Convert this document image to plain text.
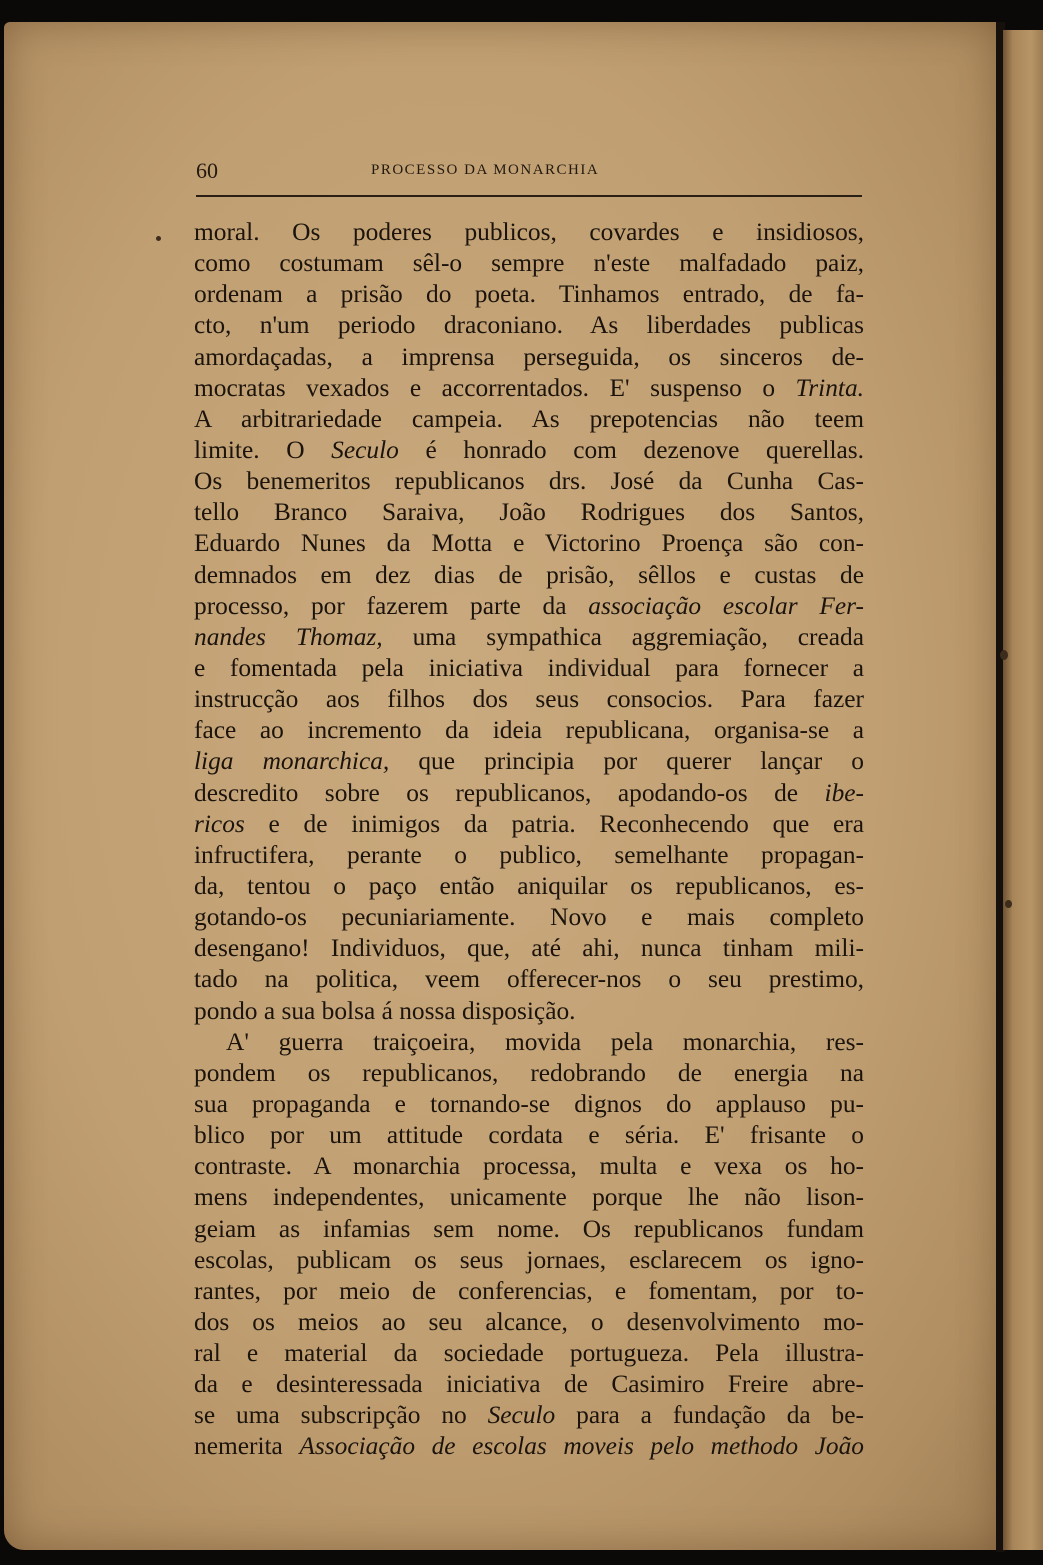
60	PROCESSO DA MONARCHIA
moral. Os poderes publicos, covardes e insidiosos,
como costumam sêl-o sempre n'este malfadado paiz,
ordenam a prisão do poeta. Tinhamos entrado, de fa-
cto, n'um periodo draconiano. As liberdades publicas
amordaçadas, a imprensa perseguida, os sinceros de-
mocratas vexados e accorrentados. E' suspenso o Trinta.
A arbitrariedade campeia. As prepotencias não teem
limite. O Seculo é honrado com dezenove querellas.
Os benemeritos republicanos drs. José da Cunha Cas-
tello Branco Saraiva, João Rodrigues dos Santos,
Eduardo Nunes da Motta e Victorino Proença são con-
demnados em dez dias de prisão, sêllos e custas de
processo, por fazerem parte da associação escolar Fer-
nandes Thomaz, uma sympathica aggremiação, creada
e fomentada pela iniciativa individual para fornecer a
instrucção aos filhos dos seus consocios. Para fazer
face ao incremento da ideia republicana, organisa-se a
liga monarchica, que principia por querer lançar o
descredito sobre os republicanos, apodando-os de ibe-
ricos e de inimigos da patria. Reconhecendo que era
infructifera, perante o publico, semelhante propagan-
da, tentou o paço então aniquilar os republicanos, es-
gotando-os pecuniariamente. Novo e mais completo
desengano! Individuos, que, até ahi, nunca tinham mili-
tado na politica, veem offerecer-nos o seu prestimo,
pondo a sua bolsa á nossa disposição.
A' guerra traiçoeira, movida pela monarchia, res-
pondem os republicanos, redobrando de energia na
sua propaganda e tornando-se dignos do applauso pu-
blico por um attitude cordata e séria. E' frisante o
contraste. A monarchia processa, multa e vexa os ho-
mens independentes, unicamente porque lhe não lison-
geiam as infamias sem nome. Os republicanos fundam
escolas, publicam os seus jornaes, esclarecem os igno-
rantes, por meio de conferencias, e fomentam, por to-
dos os meios ao seu alcance, o desenvolvimento mo-
ral e material da sociedade portugueza. Pela illustra-
da e desinteressada iniciativa de Casimiro Freire abre-
se uma subscripção no Seculo para a fundação da be-
nemerita Associação de escolas moveis pelo methodo João
